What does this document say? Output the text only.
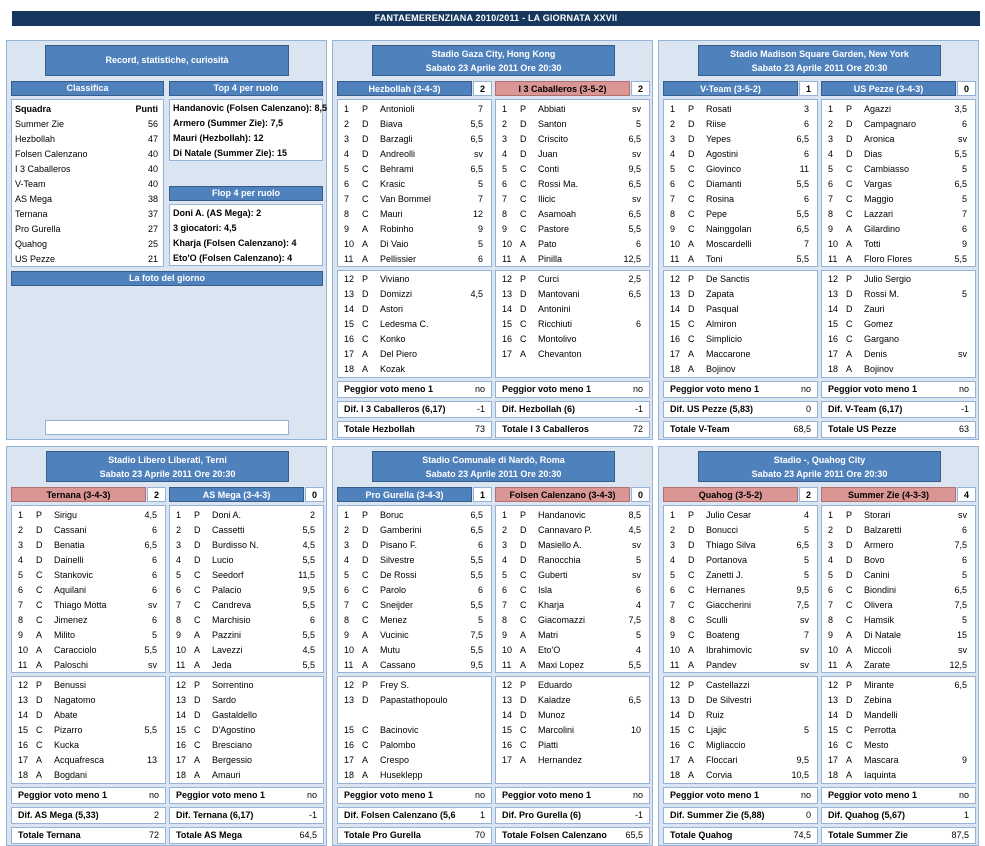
FANTAEMERENZIANA 2010/2011 - LA GIORNATA XXVII
Record, statistiche, curiosità
Classifica	Top 4 per ruolo
Squadra	Punti
Summer Zie	56
Hezbollah	47
Folsen Calenzano	40
I 3 Caballeros	40
V-Team	40
AS Mega	38
Ternana	37
Pro Gurella	27
Quahog	25
US Pezze	21
Handanovic (Folsen Calenzano): 8,5
Armero (Summer Zie): 7,5
Mauri (Hezbollah): 12
Di Natale (Summer Zie): 15
Flop 4 per ruolo
Doni A. (AS Mega): 2
3 giocatori: 4,5
Kharja (Folsen Calenzano): 4
Eto'O (Folsen Calenzano): 4
La foto del giorno
Stadio Gaza City, Hong Kong
Sabato 23 Aprile 2011 Ore 20:30
Hezbollah (3-4-3)	2
1 P Antonioli	7
2 D Biava	5,5
3 D Barzagli	6,5
4 D Andreolli	sv
5 C Behrami	6,5
6 C Krasic	5
7 C Van Bommel	7
8 C Mauri	12
9 A Robinho	9
10 A Di Vaio	5
11 A Pellissier	6
12 P Viviano
13 D Domizzi	4,5
14 D Astori
15 C Ledesma C.
16 C Konko
17 A Del Piero
18 A Kozak
Peggior voto meno 1	no
Dif. I 3 Caballeros (6,17)	-1
Totale Hezbollah	73
I 3 Caballeros (3-5-2)	2
1 P Abbiati	sv
2 D Santon	5
3 D Criscito	6,5
4 D Juan	sv
5 C Conti	9,5
6 C Rossi Ma.	6,5
7 C Ilicic	sv
8 C Asamoah	6,5
9 C Pastore	5,5
10 A Pato	6
11 A Pinilla	12,5
12 P Curci	2,5
13 D Mantovani	6,5
14 D Antonini
15 C Ricchiuti	6
16 C Montolivo
17 A Chevanton
Peggior voto meno 1	no
Dif. Hezbollah (6)	-1
Totale I 3 Caballeros	72
Stadio Madison Square Garden, New York
Sabato 23 Aprile 2011 Ore 20:30
V-Team (3-5-2)	1
1 P Rosati	3
2 D Riise	6
3 D Yepes	6,5
4 D Agostini	6
5 C Giovinco	11
6 C Diamanti	5,5
7 C Rosina	6
8 C Pepe	5,5
9 C Nainggolan	6,5
10 A Moscardelli	7
11 A Toni	5,5
12 P De Sanctis
13 D Zapata
14 D Pasqual
15 C Almiron
16 C Simplicio
17 A Maccarone
18 A Bojinov
Peggior voto meno 1	no
Dif. US Pezze (5,83)	0
Totale V-Team	68,5
US Pezze (3-4-3)	0
1 P Agazzi	3,5
2 D Campagnaro	6
3 D Aronica	sv
4 D Dias	5,5
5 C Cambiasso	5
6 C Vargas	6,5
7 C Maggio	5
8 C Lazzari	7
9 A Gilardino	6
10 A Totti	9
11 A Floro Flores	5,5
12 P Julio Sergio
13 D Rossi M.	5
14 D Zauri
15 C Gomez
16 C Gargano
17 A Denis	sv
18 A Bojinov
Peggior voto meno 1	no
Dif. V-Team (6,17)	-1
Totale US Pezze	63
Stadio Libero Liberati, Terni
Sabato 23 Aprile 2011 Ore 20:30
Ternana (3-4-3)	2
1 P Sirigu	4,5
2 D Cassani	6
3 D Benatia	6,5
4 D Dainelli	6
5 C Stankovic	6
6 C Aquilani	6
7 C Thiago Motta	sv
8 C Jimenez	6
9 A Milito	5
10 A Caracciolo	5,5
11 A Paloschi	sv
12 P Benussi
13 D Nagatomo
14 D Abate
15 C Pizarro	5,5
16 C Kucka
17 A Acquafresca	13
18 A Bogdani
Peggior voto meno 1	no
Dif. AS Mega (5,33)	2
Totale Ternana	72
AS Mega (3-4-3)	0
1 P Doni A.	2
2 D Cassetti	5,5
3 D Burdisso N.	4,5
4 D Lucio	5,5
5 C Seedorf	11,5
6 C Palacio	9,5
7 C Candreva	5,5
8 C Marchisio	6
9 A Pazzini	5,5
10 A Lavezzi	4,5
11 A Jeda	5,5
12 P Sorrentino
13 D Sardo
14 D Gastaldello
15 C D'Agostino
16 C Bresciano
17 A Bergessio
18 A Amauri
Peggior voto meno 1	no
Dif. Ternana (6,17)	-1
Totale AS Mega	64,5
Stadio Comunale di Nardò, Roma
Sabato 23 Aprile 2011 Ore 20:30
Pro Gurella (3-4-3)	1
1 P Boruc	6,5
2 D Gamberini	6,5
3 D Pisano F.	6
4 D Silvestre	5,5
5 C De Rossi	5,5
6 C Parolo	6
7 C Sneijder	5,5
8 C Menez	5
9 A Vucinic	7,5
10 A Mutu	5,5
11 A Cassano	9,5
12 P Frey S.
13 D Papastathopoulo
15 C Bacinovic
16 C Palombo
17 A Crespo
18 A Huseklepp
Peggior voto meno 1	no
Dif. Folsen Calenzano (5,6	1
Totale Pro Gurella	70
Folsen Calenzano (3-4-3)	0
1 P Handanovic	8,5
2 D Cannavaro P.	4,5
3 D Masiello A.	sv
4 D Ranocchia	5
5 C Guberti	sv
6 C Isla	6
7 C Kharja	4
8 C Giacomazzi	7,5
9 A Matri	5
10 A Eto'O	4
11 A Maxi Lopez	5,5
12 P Eduardo
13 D Kaladze	6,5
14 D Munoz
15 C Marcolini	10
16 C Piatti
17 A Hernandez
Peggior voto meno 1	no
Dif. Pro Gurella (6)	-1
Totale Folsen Calenzano 65,5
Stadio -, Quahog City
Sabato 23 Aprile 2011 Ore 20:30
Quahog (3-5-2)	2
1 P Julio Cesar	4
2 D Bonucci	5
3 D Thiago Silva	6,5
4 D Portanova	5
5 C Zanetti J.	5
6 C Hernanes	9,5
7 C Giaccherini	7,5
8 C Sculli	sv
9 C Boateng	7
10 A Ibrahimovic	sv
11 A Pandev	sv
12 P Castellazzi
13 D De Silvestri
14 D Ruiz
15 C Ljajic	5
16 C Migliaccio
17 A Floccari	9,5
18 A Corvia	10,5
Peggior voto meno 1	no
Dif. Summer Zie (5,88)	0
Totale Quahog	74,5
Summer Zie (4-3-3)	4
1 P Storari	sv
2 D Balzaretti	6
3 D Armero	7,5
4 D Bovo	6
5 D Canini	5
6 C Biondini	6,5
7 C Olivera	7,5
8 C Hamsik	5
9 A Di Natale	15
10 A Miccoli	sv
11 A Zarate	12,5
12 P Mirante	6,5
13 D Zebina
14 D Mandelli
15 C Perrotta
16 C Mesto
17 A Mascara	9
18 A Iaquinta
Peggior voto meno 1	no
Dif. Quahog (5,67)	1
Totale Summer Zie	87,5
